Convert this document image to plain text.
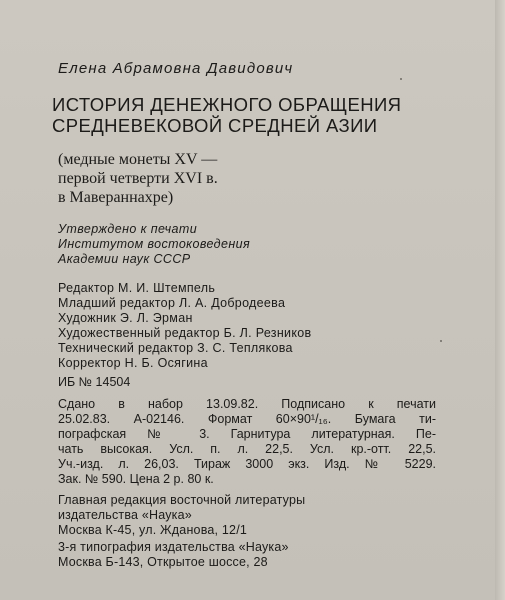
Елена Абрамовна Давидович
ИСТОРИЯ ДЕНЕЖНОГО ОБРАЩЕНИЯ
СРЕДНЕВЕКОВОЙ СРЕДНЕЙ АЗИИ
(медные монеты XV —
первой четверти XVI в.
в Мавераннахре)
Утверждено к печати
Институтом востоковедения
Академии наук СССР
Редактор М. И. Штемпель
Младший редактор Л. А. Добродеева
Художник Э. Л. Эрман
Художественный редактор Б. Л. Резников
Технический редактор З. С. Теплякова
Корректор Н. Б. Осягина
ИБ № 14504
Сдано в набор 13.09.82. Подписано к печати
25.02.83. А-02146. Формат 60×90¹/₁₆. Бумага ти-
пографская № 3. Гарнитура литературная. Пе-
чать высокая. Усл. п. л. 22,5. Усл. кр.-отт. 22,5.
Уч.-изд. л. 26,03. Тираж 3000 экз. Изд. № 5229.
Зак. № 590. Цена 2 р. 80 к.
Главная редакция восточной литературы
издательства «Наука»
Москва К-45, ул. Жданова, 12/1
3-я типография издательства «Наука»
Москва Б-143, Открытое шоссе, 28
